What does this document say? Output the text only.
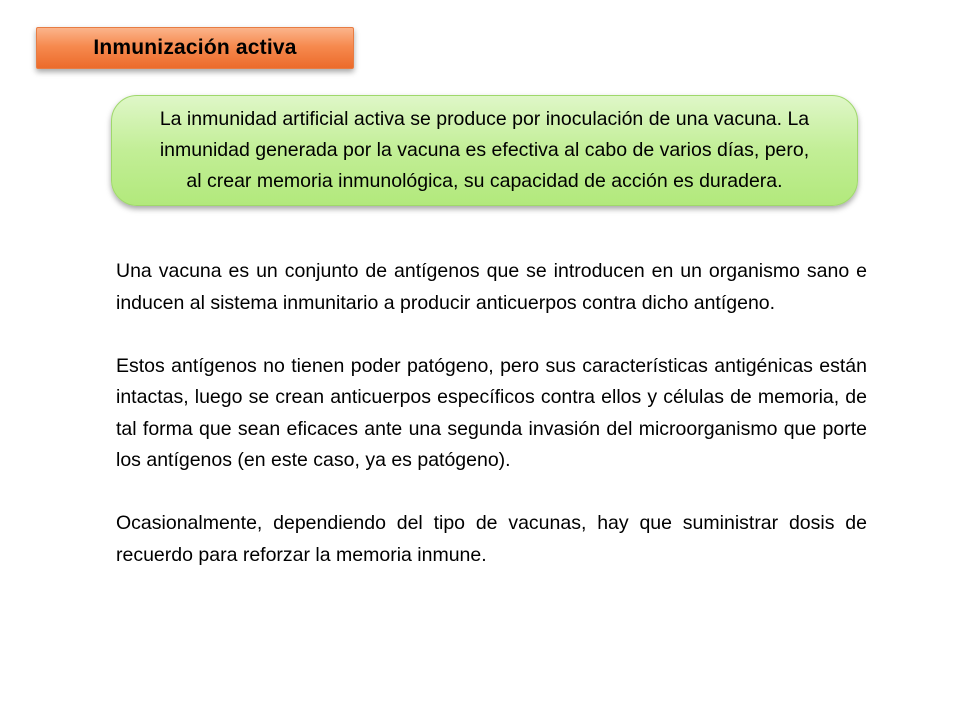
Inmunización activa
La inmunidad artificial activa se produce por inoculación de una vacuna. La
inmunidad generada por la vacuna es efectiva al cabo de varios días, pero,
al crear memoria inmunológica, su capacidad de acción es duradera.

Una vacuna es un conjunto de antígenos que se introducen en un organismo sano e inducen al sistema inmunitario a producir anticuerpos contra dicho antígeno.

Estos antígenos no tienen poder patógeno, pero sus características antigénicas están intactas, luego se crean anticuerpos específicos contra ellos y células de memoria, de tal forma que sean eficaces ante una segunda invasión del microorganismo que porte los antígenos (en este caso, ya es patógeno).

Ocasionalmente, dependiendo del tipo de vacunas, hay que suministrar dosis de recuerdo para reforzar la memoria inmune.
